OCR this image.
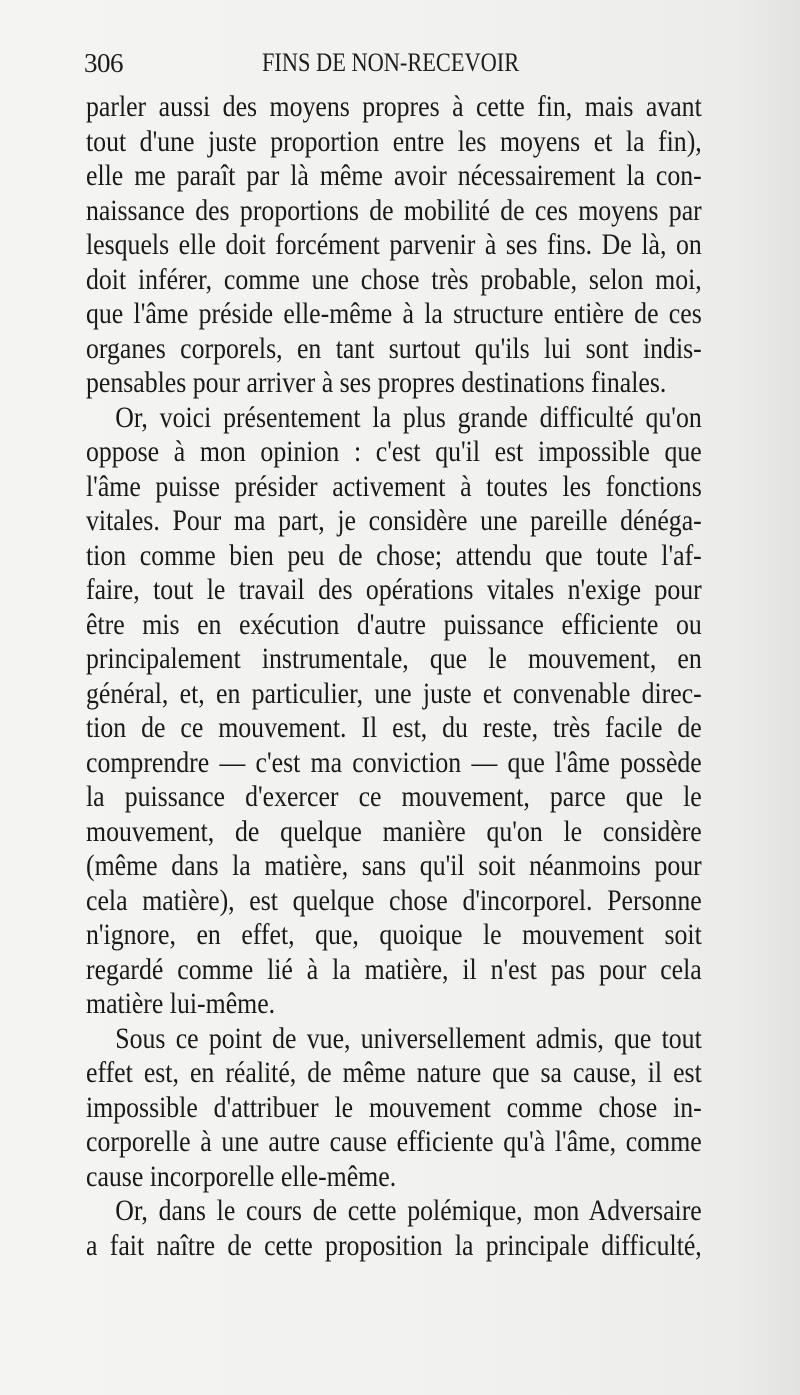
306	FINS DE NON-RECEVOIR
parler aussi des moyens propres à cette fin, mais avant
tout d'une juste proportion entre les moyens et la fin),
elle me paraît par là même avoir nécessairement la con-
naissance des proportions de mobilité de ces moyens par
lesquels elle doit forcément parvenir à ses fins. De là, on
doit inférer, comme une chose très probable, selon moi,
que l'âme préside elle-même à la structure entière de ces
organes corporels, en tant surtout qu'ils lui sont indis-
pensables pour arriver à ses propres destinations finales.
Or, voici présentement la plus grande difficulté qu'on
oppose à mon opinion : c'est qu'il est impossible que
l'âme puisse présider activement à toutes les fonctions
vitales. Pour ma part, je considère une pareille dénéga-
tion comme bien peu de chose; attendu que toute l'af-
faire, tout le travail des opérations vitales n'exige pour
être mis en exécution d'autre puissance efficiente ou
principalement instrumentale, que le mouvement, en
général, et, en particulier, une juste et convenable direc-
tion de ce mouvement. Il est, du reste, très facile de
comprendre — c'est ma conviction — que l'âme possède
la puissance d'exercer ce mouvement, parce que le
mouvement, de quelque manière qu'on le considère
(même dans la matière, sans qu'il soit néanmoins pour
cela matière), est quelque chose d'incorporel. Personne
n'ignore, en effet, que, quoique le mouvement soit
regardé comme lié à la matière, il n'est pas pour cela
matière lui-même.
Sous ce point de vue, universellement admis, que tout
effet est, en réalité, de même nature que sa cause, il est
impossible d'attribuer le mouvement comme chose in-
corporelle à une autre cause efficiente qu'à l'âme, comme
cause incorporelle elle-même.
Or, dans le cours de cette polémique, mon Adversaire
a fait naître de cette proposition la principale difficulté,
